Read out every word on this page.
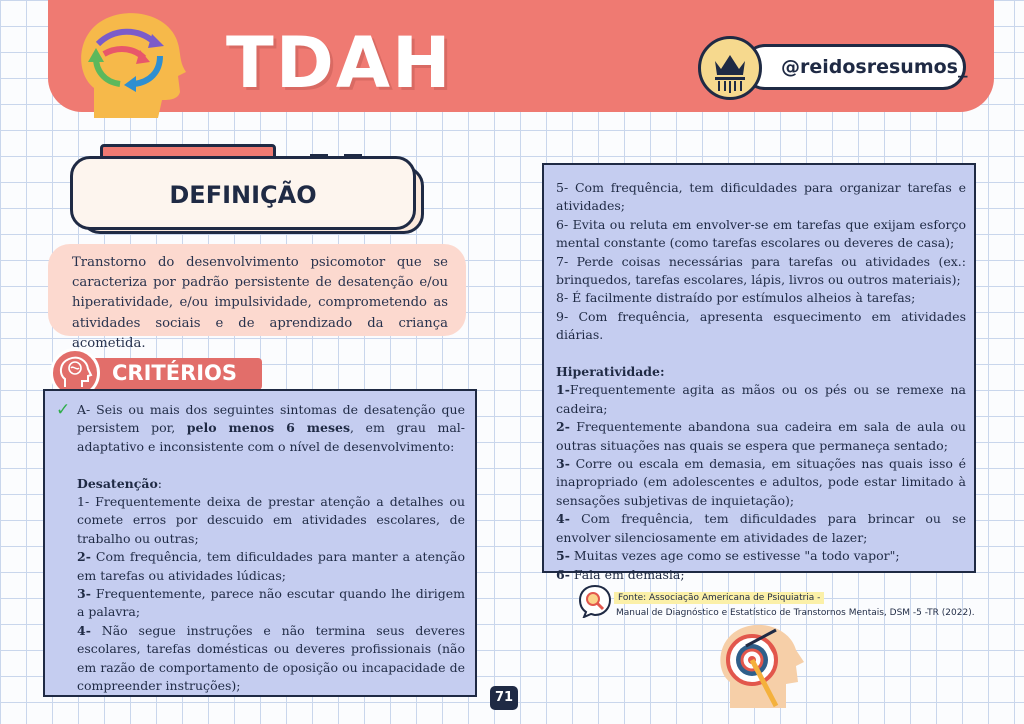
TDAH	@reidosresumos_
DEFINIÇÃO
Transtorno do desenvolvimento psicomotor que se caracteriza por padrão persistente de desatenção e/ou hiperatividade, e/ou impulsividade, comprometendo as atividades sociais e de aprendizado da criança acometida.
CRITÉRIOS
✓ A- Seis ou mais dos seguintes sintomas de desatenção que persistem por, pelo menos 6 meses, em grau mal-adaptativo e inconsistente com o nível de desenvolvimento:

Desatenção:

1- Frequentemente deixa de prestar atenção a detalhes ou comete erros por descuido em atividades escolares, de trabalho ou outras;

2- Com frequência, tem dificuldades para manter a atenção em tarefas ou atividades lúdicas;

3- Frequentemente, parece não escutar quando lhe dirigem a palavra;

4- Não segue instruções e não termina seus deveres escolares, tarefas domésticas ou deveres profissionais (não em razão de comportamento de oposição ou incapacidade de compreender instruções);

5- Com frequência, tem dificuldades para organizar tarefas e atividades;

6- Evita ou reluta em envolver-se em tarefas que exijam esforço mental constante (como tarefas escolares ou deveres de casa);

7- Perde coisas necessárias para tarefas ou atividades (ex.: brinquedos, tarefas escolares, lápis, livros ou outros materiais);

8- É facilmente distraído por estímulos alheios à tarefas;

9- Com frequência, apresenta esquecimento em atividades diárias.

Hiperatividade:

1-Frequentemente agita as mãos ou os pés ou se remexe na cadeira;

2- Frequentemente abandona sua cadeira em sala de aula ou outras situações nas quais se espera que permaneça sentado;

3- Corre ou escala em demasia, em situações nas quais isso é inapropriado (em adolescentes e adultos, pode estar limitado à sensações subjetivas de inquietação);

4- Com frequência, tem dificuldades para brincar ou se envolver silenciosamente em atividades de lazer;

5- Muitas vezes age como se estivesse "a todo vapor";

6- Fala em demasia;

Fonte: Associação Americana de Psiquiatria -
Manual de Diagnóstico e Estatístico de Transtornos Mentais, DSM -5 -TR (2022).
71
